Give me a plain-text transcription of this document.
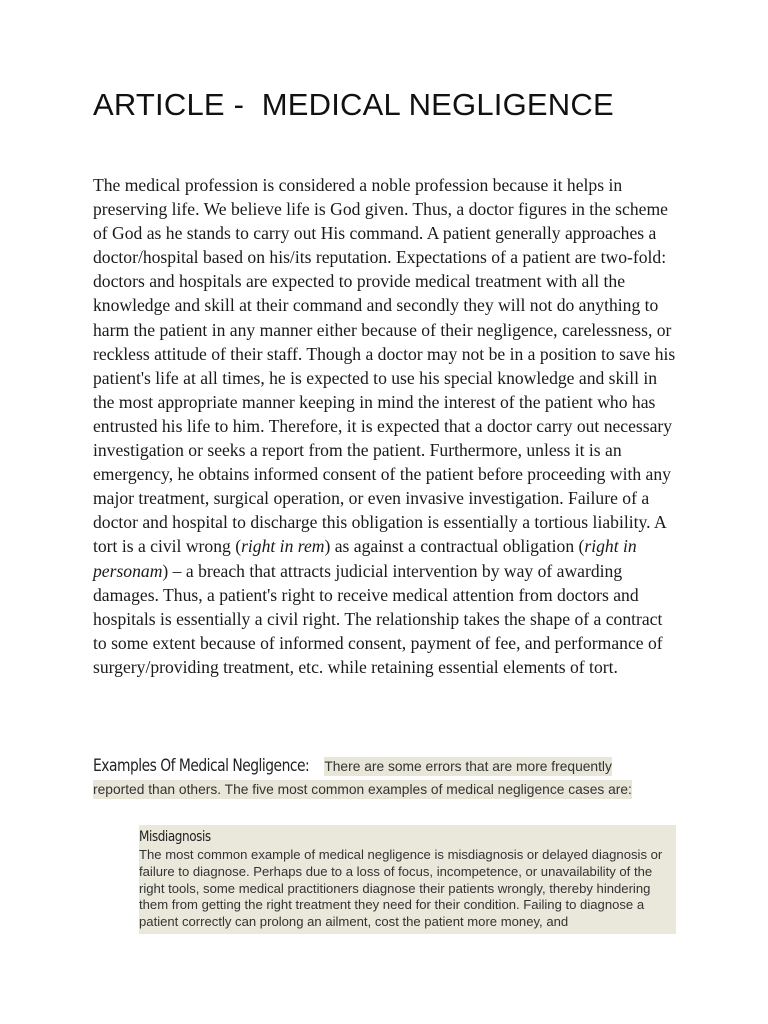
ARTICLE -  MEDICAL NEGLIGENCE

The medical profession is considered a noble profession because it helps in preserving life. We believe life is God given. Thus, a doctor figures in the scheme of God as he stands to carry out His command. A patient generally approaches a doctor/hospital based on his/its reputation. Expectations of a patient are two-fold: doctors and hospitals are expected to provide medical treatment with all the knowledge and skill at their command and secondly they will not do anything to harm the patient in any manner either because of their negligence, carelessness, or reckless attitude of their staff. Though a doctor may not be in a position to save his patient's life at all times, he is expected to use his special knowledge and skill in the most appropriate manner keeping in mind the interest of the patient who has entrusted his life to him. Therefore, it is expected that a doctor carry out necessary investigation or seeks a report from the patient. Furthermore, unless it is an emergency, he obtains informed consent of the patient before proceeding with any major treatment, surgical operation, or even invasive investigation. Failure of a doctor and hospital to discharge this obligation is essentially a tortious liability. A tort is a civil wrong (right in rem) as against a contractual obligation (right in personam) – a breach that attracts judicial intervention by way of awarding damages. Thus, a patient's right to receive medical attention from doctors and hospitals is essentially a civil right. The relationship takes the shape of a contract to some extent because of informed consent, payment of fee, and performance of surgery/providing treatment, etc. while retaining essential elements of tort.

Examples Of Medical Negligence: There are some errors that are more frequently reported than others. The five most common examples of medical negligence cases are:

Misdiagnosis

The most common example of medical negligence is misdiagnosis or delayed diagnosis or failure to diagnose. Perhaps due to a loss of focus, incompetence, or unavailability of the right tools, some medical practitioners diagnose their patients wrongly, thereby hindering them from getting the right treatment they need for their condition. Failing to diagnose a patient correctly can prolong an ailment, cost the patient more money, and
